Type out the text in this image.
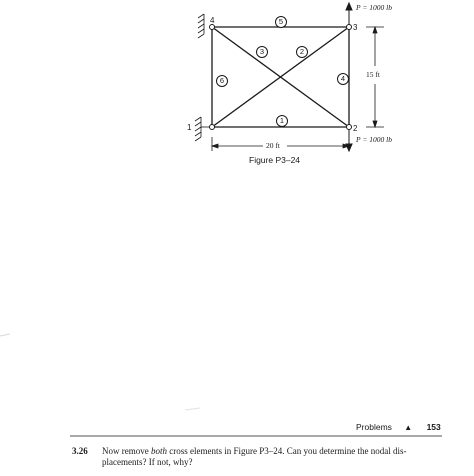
4
3
2
1
5
3	2
6	4
1
P = 1000 lb
P = 1000 lb
20 ft
15 ft
Figure P3–24
Problems ▲ 153
3.26 Now remove both cross elements in Figure P3–24. Can you determine the nodal dis-placements? If not, why?
